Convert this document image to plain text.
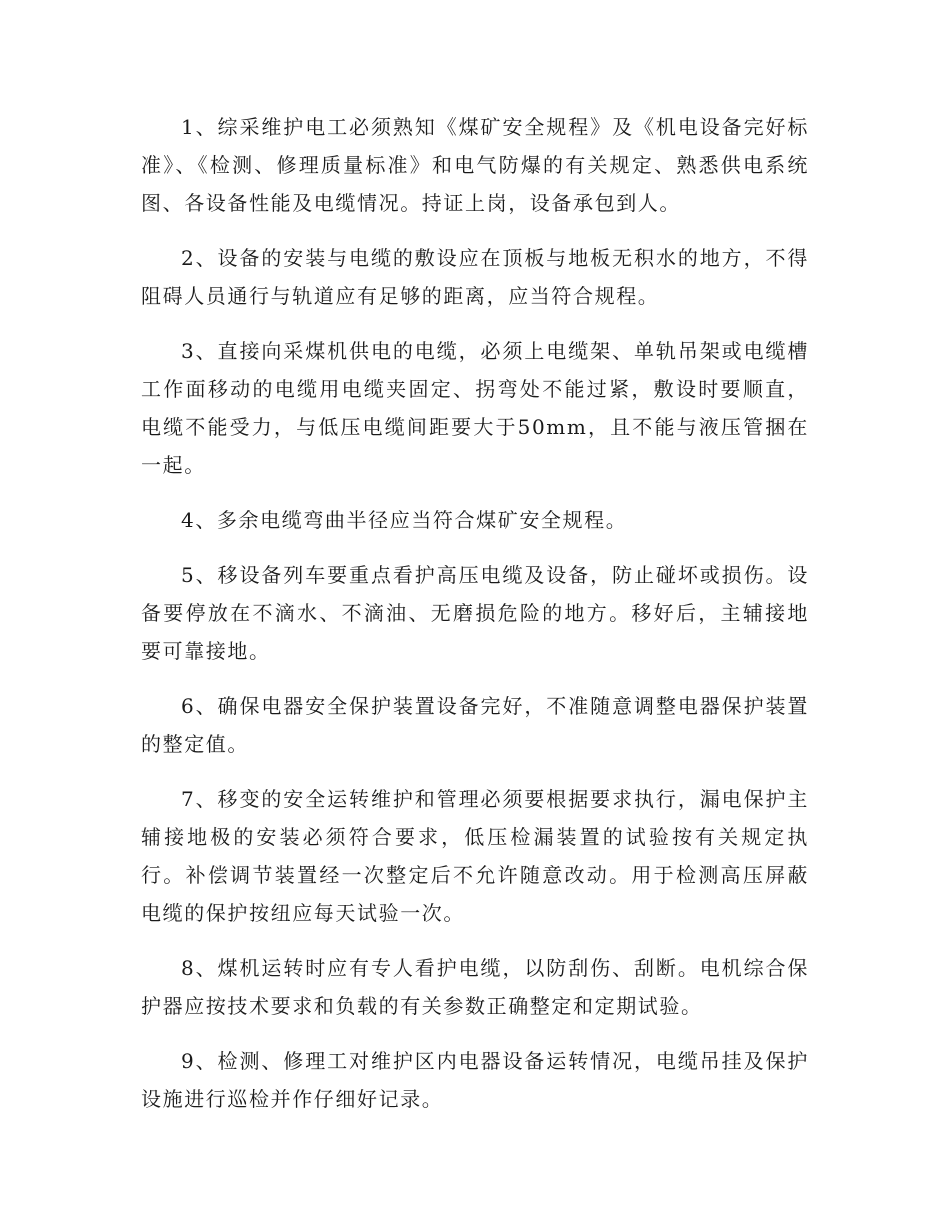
1、综采维护电工必须熟知《煤矿安全规程》及《机电设备完好标准》、《检测、修理质量标准》和电气防爆的有关规定、熟悉供电系统图、各设备性能及电缆情况。持证上岗，设备承包到人。

2、设备的安装与电缆的敷设应在顶板与地板无积水的地方，不得阻碍人员通行与轨道应有足够的距离，应当符合规程。

3、直接向采煤机供电的电缆，必须上电缆架、单轨吊架或电缆槽工作面移动的电缆用电缆夹固定、拐弯处不能过紧，敷设时要顺直，电缆不能受力，与低压电缆间距要大于50mm，且不能与液压管捆在一起。

4、多余电缆弯曲半径应当符合煤矿安全规程。

5、移设备列车要重点看护高压电缆及设备，防止碰坏或损伤。设备要停放在不滴水、不滴油、无磨损危险的地方。移好后，主辅接地要可靠接地。

6、确保电器安全保护装置设备完好，不准随意调整电器保护装置的整定值。

7、移变的安全运转维护和管理必须要根据要求执行，漏电保护主辅接地极的安装必须符合要求，低压检漏装置的试验按有关规定执行。补偿调节装置经一次整定后不允许随意改动。用于检测高压屏蔽电缆的保护按纽应每天试验一次。

8、煤机运转时应有专人看护电缆，以防刮伤、刮断。电机综合保护器应按技术要求和负载的有关参数正确整定和定期试验。

9、检测、修理工对维护区内电器设备运转情况，电缆吊挂及保护设施进行巡检并作仔细好记录。
